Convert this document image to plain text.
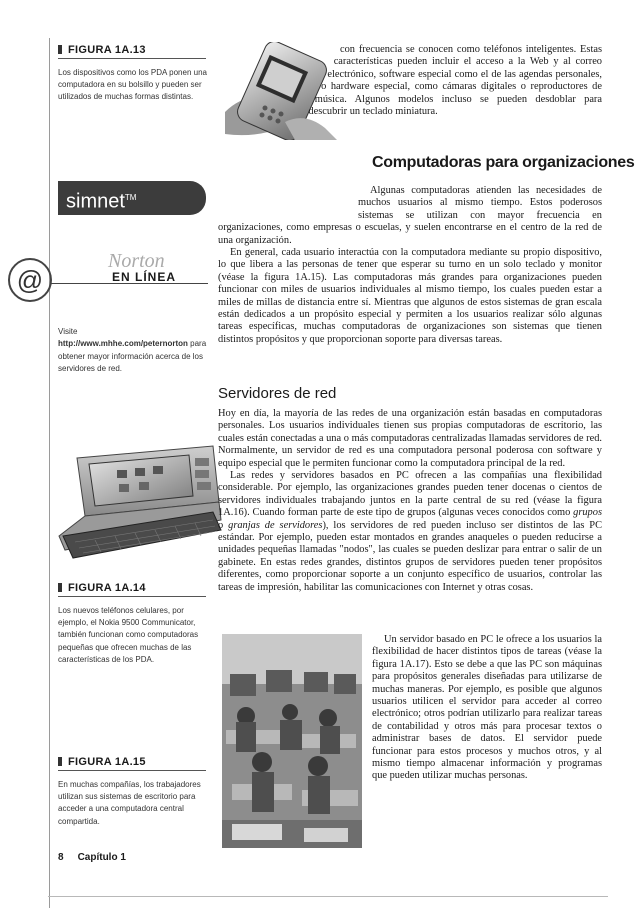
FIGURA 1A.13
Los dispositivos como los PDA ponen una computadora en su bolsillo y pueden ser utilizados de muchas formas distintas.
simnet™
@
Norton
EN LÍNEA
Visite http://www.mhhe.com/peternorton para obtener mayor información acerca de los servidores de red.
FIGURA 1A.14
Los nuevos teléfonos celulares, por ejemplo, el Nokia 9500 Communicator, también funcionan como computadoras pequeñas que ofrecen muchas de las características de los PDA.
FIGURA 1A.15
En muchas compañías, los trabajadores utilizan sus sistemas de escritorio para acceder a una computadora central compartida.
8 Capítulo 1

con frecuencia se conocen como teléfonos inteligentes. Estas características pueden incluir el acceso a la Web y al correo electrónico, software especial como el de las agendas personales, o hardware especial, como cámaras digitales o reproductores de música. Algunos modelos incluso se pueden desdoblar para descubrir un teclado miniatura.

Computadoras para organizaciones

Algunas computadoras atienden las necesidades de muchos usuarios al mismo tiempo. Estos poderosos sistemas se utilizan con mayor frecuencia en organizaciones, como empresas o escuelas, y suelen encontrarse en el centro de la red de una organización.

En general, cada usuario interactúa con la computadora mediante su propio dispositivo, lo que libera a las personas de tener que esperar su turno en un solo teclado y monitor (véase la figura 1A.15). Las computadoras más grandes para organizaciones pueden funcionar con miles de usuarios individuales al mismo tiempo, los cuales pueden estar a miles de millas de distancia entre sí. Mientras que algunos de estos sistemas de gran escala están dedicados a un propósito especial y permiten a los usuarios realizar sólo algunas tareas específicas, muchas computadoras de organizaciones son sistemas que tienen distintos propósitos y que proporcionan soporte para diversas tareas.

Servidores de red

Hoy en día, la mayoría de las redes de una organización están basadas en computadoras personales. Los usuarios individuales tienen sus propias computadoras de escritorio, las cuales están conectadas a una o más computadoras centralizadas llamadas servidores de red. Normalmente, un servidor de red es una computadora personal poderosa con software y equipo especial que le permiten funcionar como la computadora principal de la red.

Las redes y servidores basados en PC ofrecen a las compañías una flexibilidad considerable. Por ejemplo, las organizaciones grandes pueden tener docenas o cientos de servidores individuales trabajando juntos en la parte central de su red (véase la figura 1A.16). Cuando forman parte de este tipo de grupos (algunas veces conocidos como grupos o granjas de servidores), los servidores de red pueden incluso ser distintos de las PC estándar. Por ejemplo, pueden estar montados en grandes anaqueles o pueden reducirse a unidades pequeñas llamadas "nodos", las cuales se pueden deslizar para entrar o salir de un gabinete. En estas redes grandes, distintos grupos de servidores pueden tener propósitos diferentes, como proporcionar soporte a un conjunto específico de usuarios, controlar las tareas de impresión, habilitar las comunicaciones con Internet y otras cosas.

Un servidor basado en PC le ofrece a los usuarios la flexibilidad de hacer distintos tipos de tareas (véase la figura 1A.17). Esto se debe a que las PC son máquinas para propósitos generales diseñadas para utilizarse de muchas maneras. Por ejemplo, es posible que algunos usuarios utilicen el servidor para acceder al correo electrónico; otros podrían utilizarlo para realizar tareas de contabilidad y otros más para procesar textos o administrar bases de datos. El servidor puede funcionar para estos procesos y muchos otros, y al mismo tiempo almacenar información y programas que pueden utilizar muchas personas.
